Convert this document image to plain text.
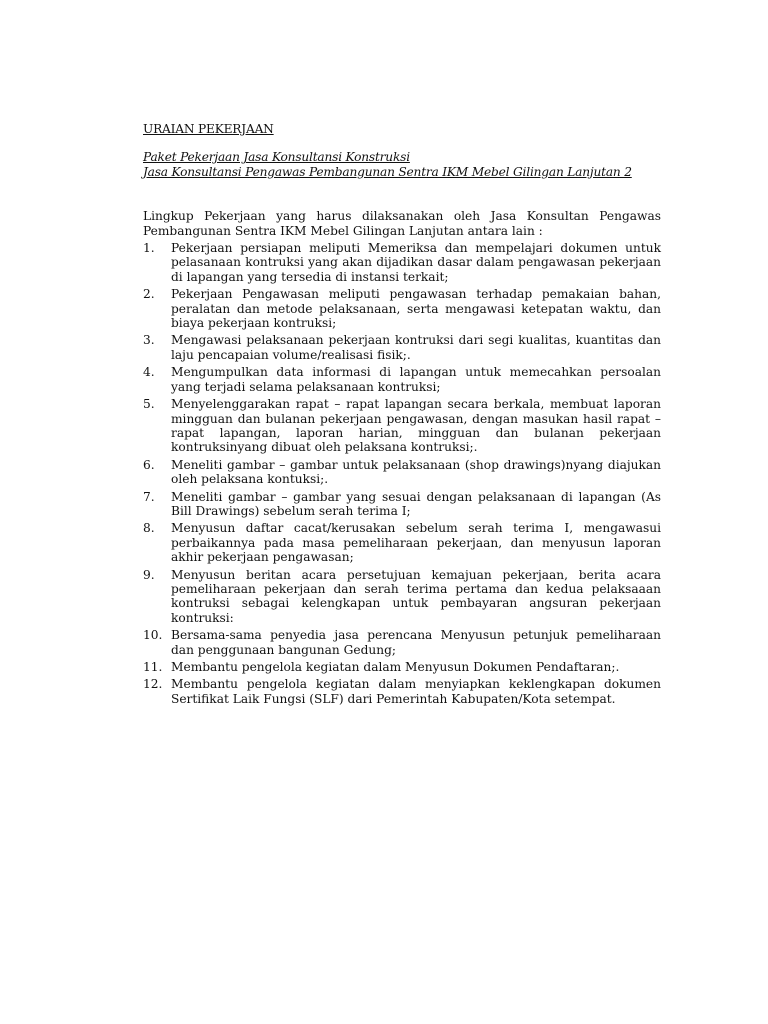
URAIAN PEKERJAAN

Paket Pekerjaan Jasa Konsultansi Konstruksi

Jasa Konsultansi Pengawas Pembangunan Sentra IKM Mebel Gilingan Lanjutan 2

Lingkup Pekerjaan yang harus dilaksanakan oleh Jasa Konsultan Pengawas Pembangunan Sentra IKM Mebel Gilingan Lanjutan antara lain :

1.	Pekerjaan persiapan meliputi Memeriksa dan mempelajari dokumen untuk pelasanaan kontruksi yang akan dijadikan dasar dalam pengawasan pekerjaan di lapangan yang tersedia di instansi terkait;
2.	Pekerjaan Pengawasan meliputi pengawasan terhadap pemakaian bahan, peralatan dan metode pelaksanaan, serta mengawasi ketepatan waktu, dan biaya pekerjaan kontruksi;
3.	Mengawasi pelaksanaan pekerjaan kontruksi dari segi kualitas, kuantitas dan laju pencapaian volume/realisasi fisik;.
4.	Mengumpulkan data informasi di lapangan untuk memecahkan persoalan yang terjadi selama pelaksanaan kontruksi;
5.	Menyelenggarakan rapat – rapat lapangan secara berkala, membuat laporan mingguan dan bulanan pekerjaan pengawasan, dengan masukan hasil rapat – rapat lapangan, laporan harian, mingguan dan bulanan pekerjaan kontruksinyang dibuat oleh pelaksana kontruksi;.
6.	Meneliti gambar – gambar untuk pelaksanaan (shop drawings)nyang diajukan oleh pelaksana kontuksi;.
7.	Meneliti gambar – gambar yang sesuai dengan pelaksanaan di lapangan (As Bill Drawings) sebelum serah terima I;
8.	Menyusun daftar cacat/kerusakan sebelum serah terima I, mengawasui perbaikannya pada masa pemeliharaan pekerjaan, dan menyusun laporan akhir pekerjaan pengawasan;
9.	Menyusun beritan acara persetujuan kemajuan pekerjaan, berita acara pemeliharaan pekerjaan dan serah terima pertama dan kedua pelaksaaan kontruksi sebagai kelengkapan untuk pembayaran angsuran pekerjaan kontruksi:
10. Bersama-sama penyedia jasa perencana Menyusun petunjuk pemeliharaan dan penggunaan bangunan Gedung;
11. Membantu pengelola kegiatan dalam Menyusun Dokumen Pendaftaran;.
12. Membantu pengelola kegiatan dalam menyiapkan keklengkapan dokumen Sertifikat Laik Fungsi (SLF) dari Pemerintah Kabupaten/Kota setempat.
